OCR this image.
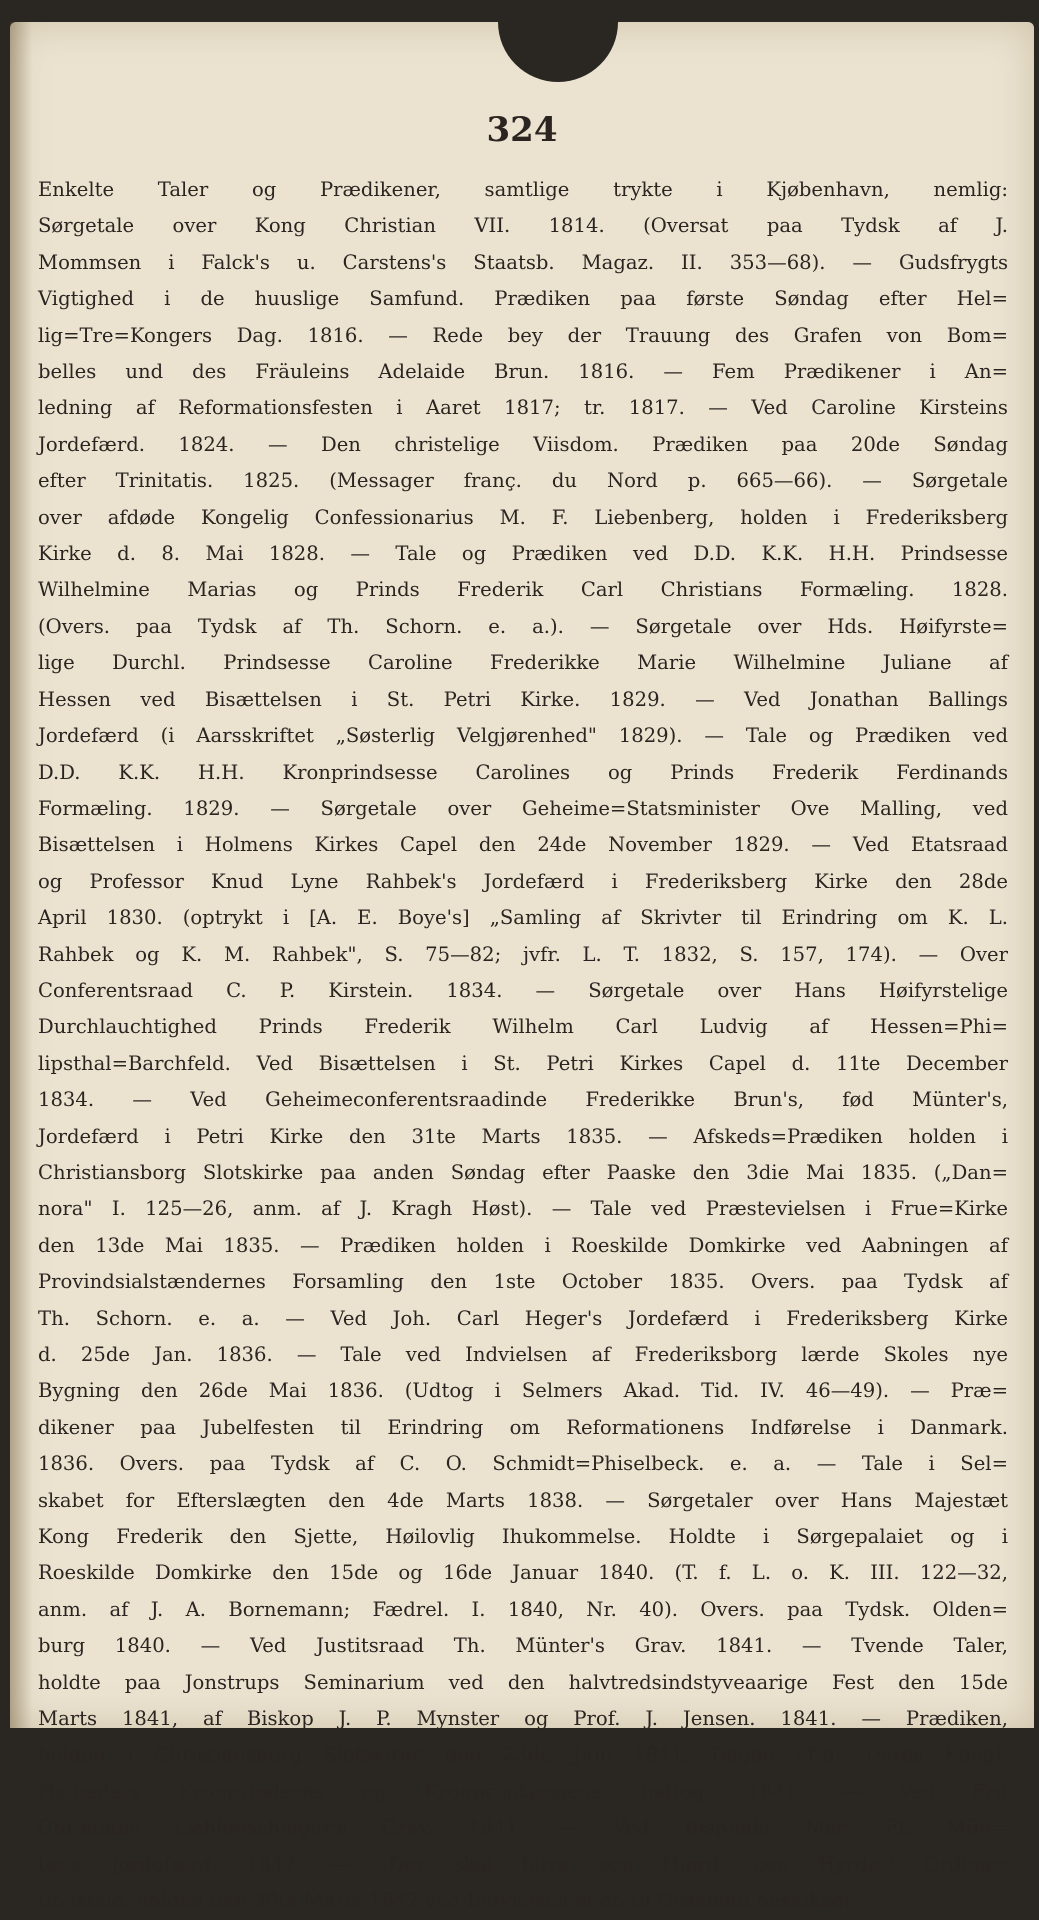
324
Enkelte Taler og Prædikener, samtlige trykte i Kjøbenhavn, nemlig:
Sørgetale over Kong Christian VII. 1814. (Oversat paa Tydsk af J.
Mommsen i Falck's u. Carstens's Staatsb. Magaz. II. 353—68). — Gudsfrygts
Vigtighed i de huuslige Samfund. Prædiken paa første Søndag efter Hel=
lig=Tre=Kongers Dag. 1816. — Rede bey der Trauung des Grafen von Bom=
belles und des Fräuleins Adelaide Brun. 1816. — Fem Prædikener i An=
ledning af Reformationsfesten i Aaret 1817; tr. 1817. — Ved Caroline Kirsteins
Jordefærd. 1824. — Den christelige Viisdom. Prædiken paa 20de Søndag
efter Trinitatis. 1825. (Messager franç. du Nord p. 665—66). — Sørgetale
over afdøde Kongelig Confessionarius M. F. Liebenberg, holden i Frederiksberg
Kirke d. 8. Mai 1828. — Tale og Prædiken ved D.D. K.K. H.H. Prindsesse
Wilhelmine Marias og Prinds Frederik Carl Christians Formæling. 1828.
(Overs. paa Tydsk af Th. Schorn. e. a.). — Sørgetale over Hds. Høifyrste=
lige Durchl. Prindsesse Caroline Frederikke Marie Wilhelmine Juliane af
Hessen ved Bisættelsen i St. Petri Kirke. 1829. — Ved Jonathan Ballings
Jordefærd (i Aarsskriftet „Søsterlig Velgjørenhed" 1829). — Tale og Prædiken ved
D.D. K.K. H.H. Kronprindsesse Carolines og Prinds Frederik Ferdinands
Formæling. 1829. — Sørgetale over Geheime=Statsminister Ove Malling, ved
Bisættelsen i Holmens Kirkes Capel den 24de November 1829. — Ved Etatsraad
og Professor Knud Lyne Rahbek's Jordefærd i Frederiksberg Kirke den 28de
April 1830. (optrykt i [A. E. Boye's] „Samling af Skrivter til Erindring om K. L.
Rahbek og K. M. Rahbek", S. 75—82; jvfr. L. T. 1832, S. 157, 174). — Over
Conferentsraad C. P. Kirstein. 1834. — Sørgetale over Hans Høifyrstelige
Durchlauchtighed Prinds Frederik Wilhelm Carl Ludvig af Hessen=Phi=
lipsthal=Barchfeld. Ved Bisættelsen i St. Petri Kirkes Capel d. 11te December
1834. — Ved Geheimeconferentsraadinde Frederikke Brun's, fød Münter's,
Jordefærd i Petri Kirke den 31te Marts 1835. — Afskeds=Prædiken holden i
Christiansborg Slotskirke paa anden Søndag efter Paaske den 3die Mai 1835. („Dan=
nora" I. 125—26, anm. af J. Kragh Høst). — Tale ved Præstevielsen i Frue=Kirke
den 13de Mai 1835. — Prædiken holden i Roeskilde Domkirke ved Aabningen af
Provindsialstændernes Forsamling den 1ste October 1835. Overs. paa Tydsk af
Th. Schorn. e. a. — Ved Joh. Carl Heger's Jordefærd i Frederiksberg Kirke
d. 25de Jan. 1836. — Tale ved Indvielsen af Frederiksborg lærde Skoles nye
Bygning den 26de Mai 1836. (Udtog i Selmers Akad. Tid. IV. 46—49). — Præ=
dikener paa Jubelfesten til Erindring om Reformationens Indførelse i Danmark.
1836. Overs. paa Tydsk af C. O. Schmidt=Phiselbeck. e. a. — Tale i Sel=
skabet for Efterslægten den 4de Marts 1838. — Sørgetaler over Hans Majestæt
Kong Frederik den Sjette, Høilovlig Ihukommelse. Holdte i Sørgepalaiet og i
Roeskilde Domkirke den 15de og 16de Januar 1840. (T. f. L. o. K. III. 122—32,
anm. af J. A. Bornemann; Fædrel. I. 1840, Nr. 40). Overs. paa Tydsk. Olden=
burg 1840. — Ved Justitsraad Th. Münter's Grav. 1841. — Tvende Taler,
holdte paa Jonstrups Seminarium ved den halvtredsindstyveaarige Fest den 15de
Marts 1841, af Biskop J. P. Mynster og Prof. J. Jensen. 1841. — Prædiken,
holden i Christiansborg Slotskirke den 23de Juni 1841, Dagen efter Deres Kongl.
Høiheders Kronprindsens og Kronprindsessens Indtog. 1841. — Ved Fru
Christiane Oehlenschläger's Grav. 1841. — Ved Bispinde Mar. El. Mün=
ter's Jordefærd. 1842. — „Der skal blive een Hjord, een Hyrde." Ordina=
tionstale, holden den 30te Marts 1842 ved Indvielsen af en til Grønland beskikket
